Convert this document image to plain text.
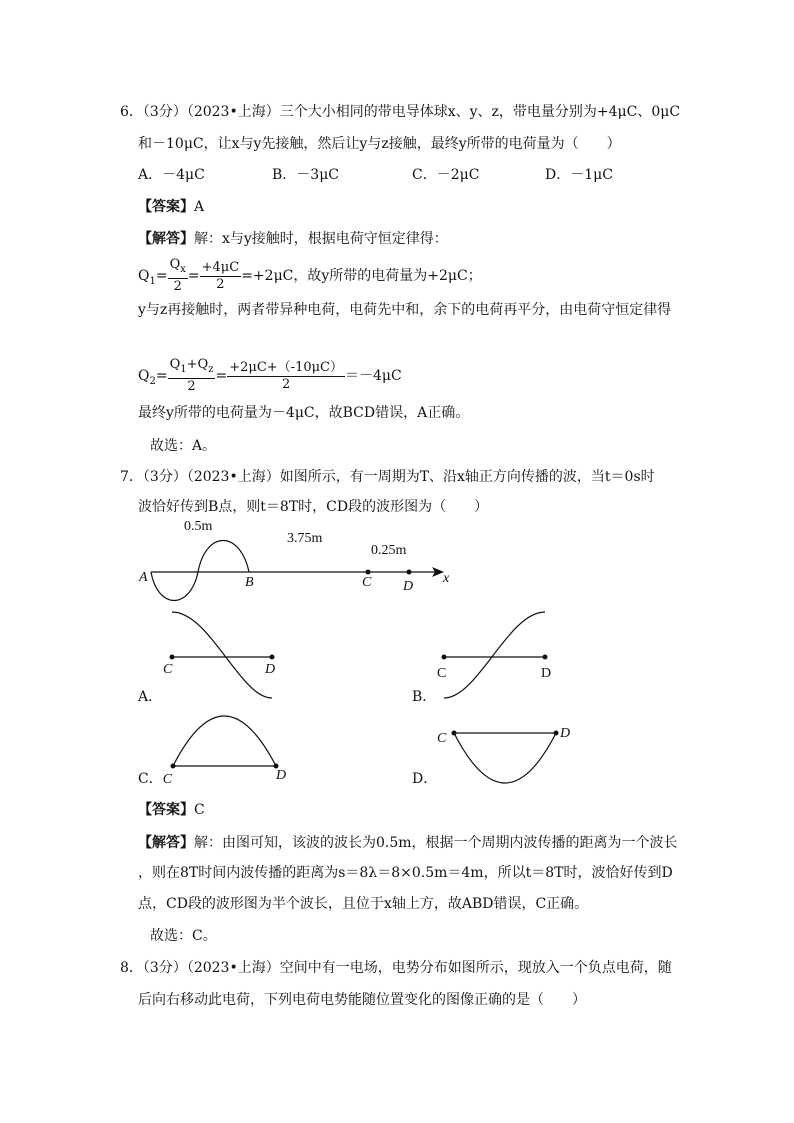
6．（3分）（2023•上海）三个大小相同的带电导体球x、y、z，带电量分别为+4μC、0μC
和－10μC，让x与y先接触，然后让y与z接触，最终y所带的电荷量为（　　）
A．－4μC	B．－3μC	C．－2μC	D．－1μC
【答案】A
【解答】解：x与y接触时，根据电荷守恒定律得：
$Q_1= \frac{Q_x}{2} = \frac{+4\mu C}{2} =+2\mu C$，故y所带的电荷量为+2μC；
y与z再接触时，两者带异种电荷，电荷先中和，余下的电荷再平分，由电荷守恒定律得
$Q_2= \frac{Q_1+Q_z}{2} = \frac{+2\mu C+(-10\mu C)}{2} =-4\mu C$
最终y所带的电荷量为－4μC，故BCD错误，A正确。
故选：A。
7．（3分）（2023•上海）如图所示，有一周期为T、沿x轴正方向传播的波，当t＝0s时
波恰好传到B点，则t＝8T时，CD段的波形图为（　　）
0.5m
3.75m
0.25m
A	B	C D
x
C	D
A．
C	D
B．
C．C	D
C	D
D．
【答案】C
【解答】解：由图可知，该波的波长为0.5m，根据一个周期内波传播的距离为一个波长
，则在8T时间内波传播的距离为s＝8λ＝8×0.5m＝4m，所以t＝8T时，波恰好传到D
点，CD段的波形图为半个波长，且位于x轴上方，故ABD错误，C正确。
故选：C。
8．（3分）（2023•上海）空间中有一电场，电势分布如图所示，现放入一个负点电荷，随
后向右移动此电荷，下列电荷电势能随位置变化的图像正确的是（　　）
